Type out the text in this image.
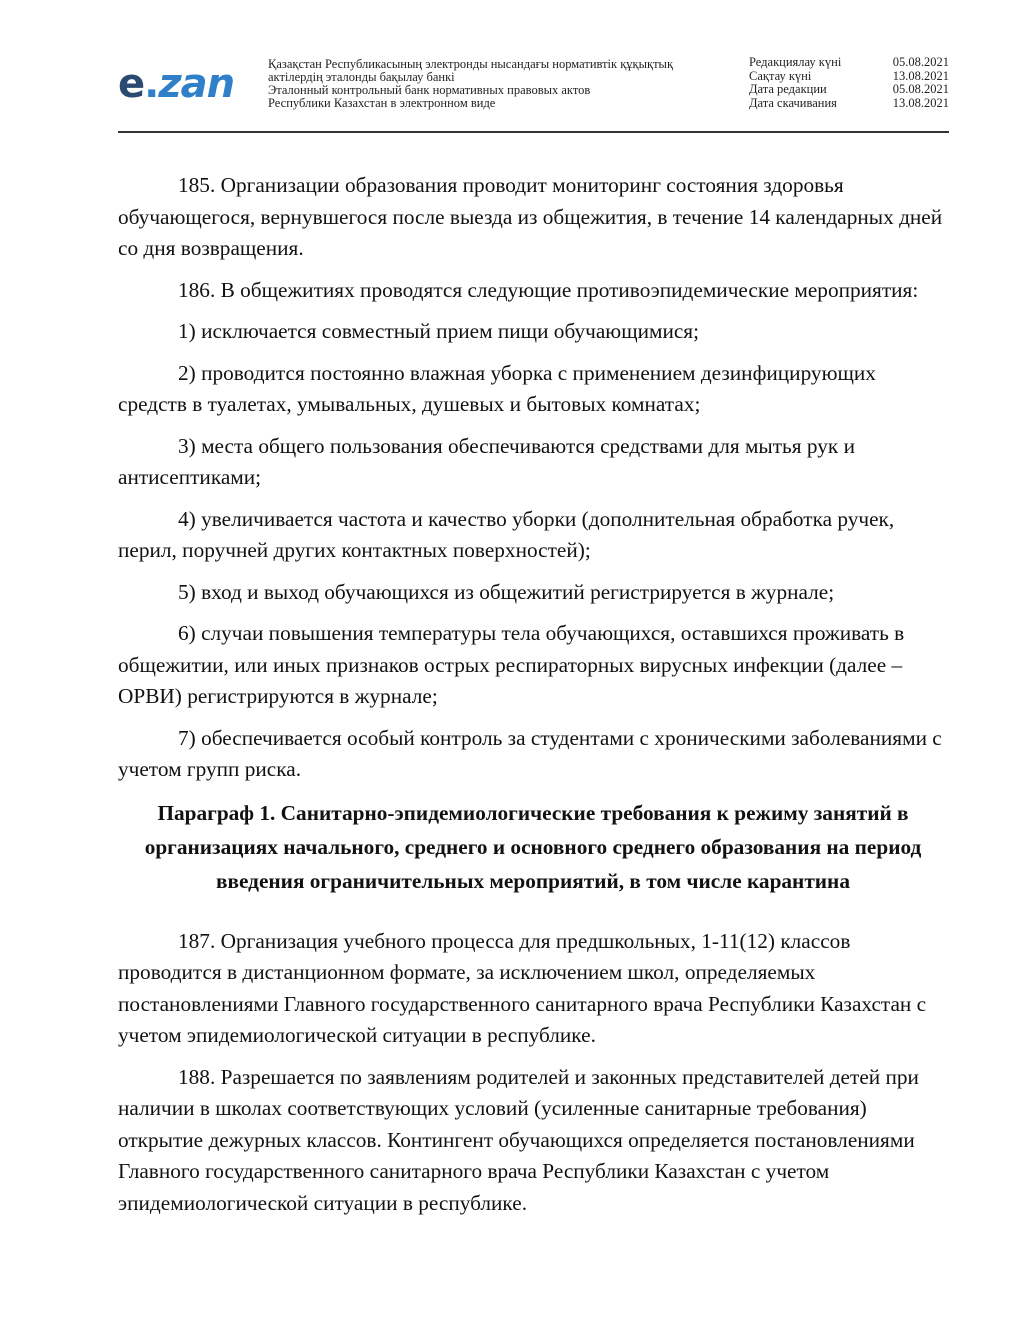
e.zan	Қазақстан Республикасының электронды нысандағы нормативтік құқықтық
актілердің эталонды бақылау банкі
Эталонный контрольный банк нормативных правовых актов
Республики Казахстан в электронном виде
Редакциялау күні	05.08.2021
Сақтау күні	13.08.2021
Дата редакции	05.08.2021
Дата скачивания	13.08.2021

185. Организации образования проводит мониторинг состояния здоровья обучающегося, вернувшегося после выезда из общежития, в течение 14 календарных дней со дня возвращения.

186. В общежитиях проводятся следующие противоэпидемические мероприятия:

1) исключается совместный прием пищи обучающимися;

2) проводится постоянно влажная уборка с применением дезинфицирующих средств в туалетах, умывальных, душевых и бытовых комнатах;

3) места общего пользования обеспечиваются средствами для мытья рук и антисептиками;

4) увеличивается частота и качество уборки (дополнительная обработка ручек, перил, поручней других контактных поверхностей);

5) вход и выход обучающихся из общежитий регистрируется в журнале;

6) случаи повышения температуры тела обучающихся, оставшихся проживать в общежитии, или иных признаков острых респираторных вирусных инфекции (далее – ОРВИ) регистрируются в журнале;

7) обеспечивается особый контроль за студентами с хроническими заболеваниями с учетом групп риска.

Параграф 1. Санитарно-эпидемиологические требования к режиму занятий в организациях начального, среднего и основного среднего образования на период введения ограничительных мероприятий, в том числе карантина

187. Организация учебного процесса для предшкольных, 1-11(12) классов проводится в дистанционном формате, за исключением школ, определяемых постановлениями Главного государственного санитарного врача Республики Казахстан с учетом эпидемиологической ситуации в республике.

188. Разрешается по заявлениям родителей и законных представителей детей при наличии в школах соответствующих условий (усиленные санитарные требования) открытие дежурных классов. Контингент обучающихся определяется постановлениями Главного государственного санитарного врача Республики Казахстан с учетом эпидемиологической ситуации в республике.
